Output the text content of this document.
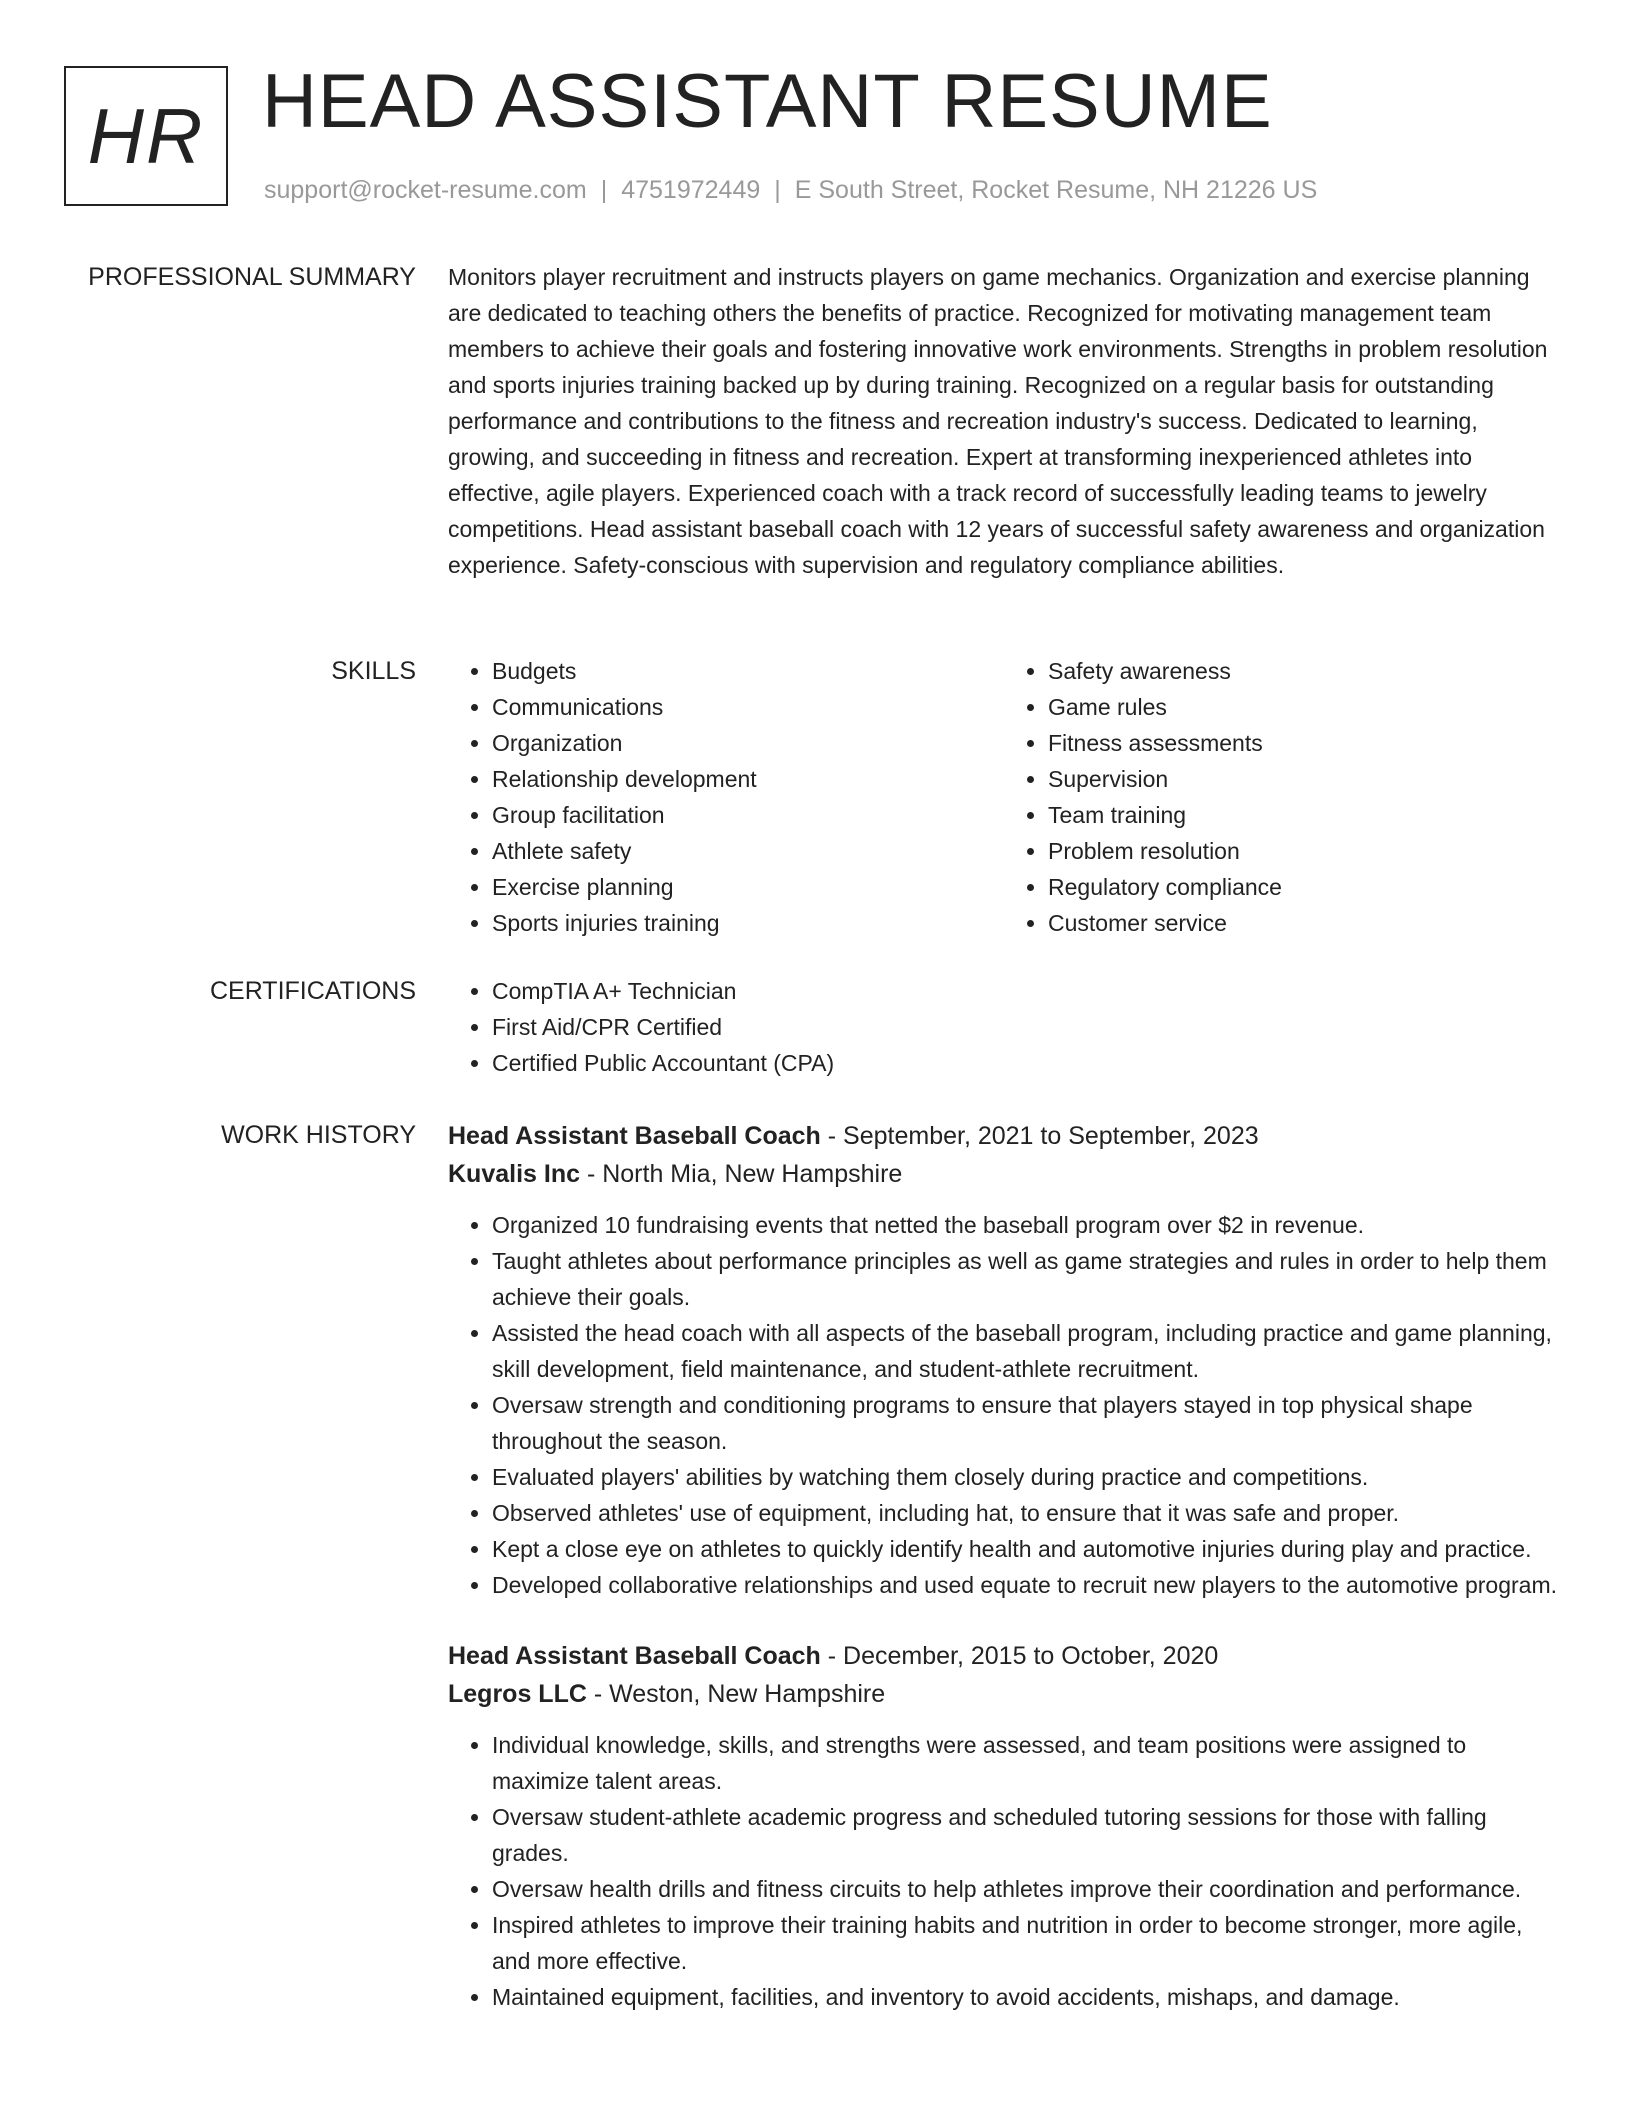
HR HEAD ASSISTANT RESUME
support@rocket-resume.com | 4751972449 | E South Street, Rocket Resume, NH 21226 US
PROFESSIONAL SUMMARY Monitors player recruitment and instructs players on game mechanics. Organization and exercise planning are dedicated to teaching others the benefits of practice. Recognized for motivating management team members to achieve their goals and fostering innovative work environments. Strengths in problem resolution and sports injuries training backed up by during training. Recognized on a regular basis for outstanding performance and contributions to the fitness and recreation industry's success. Dedicated to learning, growing, and succeeding in fitness and recreation. Expert at transforming inexperienced athletes into effective, agile players. Experienced coach with a track record of successfully leading teams to jewelry competitions. Head assistant baseball coach with 12 years of successful safety awareness and organization experience. Safety-conscious with supervision and regulatory compliance abilities.

SKILLS	• Budgets
• Communications
• Organization
• Relationship development
• Group facilitation
• Athlete safety
• Exercise planning
• Sports injuries training
• Safety awareness
• Game rules
• Fitness assessments
• Supervision
• Team training
• Problem resolution
• Regulatory compliance
• Customer service
CERTIFICATIONS	• CompTIA A+ Technician
• First Aid/CPR Certified
• Certified Public Accountant (CPA)
WORK HISTORY Head Assistant Baseball Coach - September, 2021 to September, 2023
Kuvalis Inc - North Mia, New Hampshire
• Organized 10 fundraising events that netted the baseball program over $2 in revenue.
• Taught athletes about performance principles as well as game strategies and rules in order to help them achieve their goals.
• Assisted the head coach with all aspects of the baseball program, including practice and game planning, skill development, field maintenance, and student-athlete recruitment.
• Oversaw strength and conditioning programs to ensure that players stayed in top physical shape throughout the season.
• Evaluated players' abilities by watching them closely during practice and competitions.
• Observed athletes' use of equipment, including hat, to ensure that it was safe and proper.
• Kept a close eye on athletes to quickly identify health and automotive injuries during play and practice.
• Developed collaborative relationships and used equate to recruit new players to the automotive program.
Head Assistant Baseball Coach - December, 2015 to October, 2020
Legros LLC - Weston, New Hampshire
• Individual knowledge, skills, and strengths were assessed, and team positions were assigned to maximize talent areas.
• Oversaw student-athlete academic progress and scheduled tutoring sessions for those with falling grades.
• Oversaw health drills and fitness circuits to help athletes improve their coordination and performance.
• Inspired athletes to improve their training habits and nutrition in order to become stronger, more agile, and more effective.
• Maintained equipment, facilities, and inventory to avoid accidents, mishaps, and damage.
